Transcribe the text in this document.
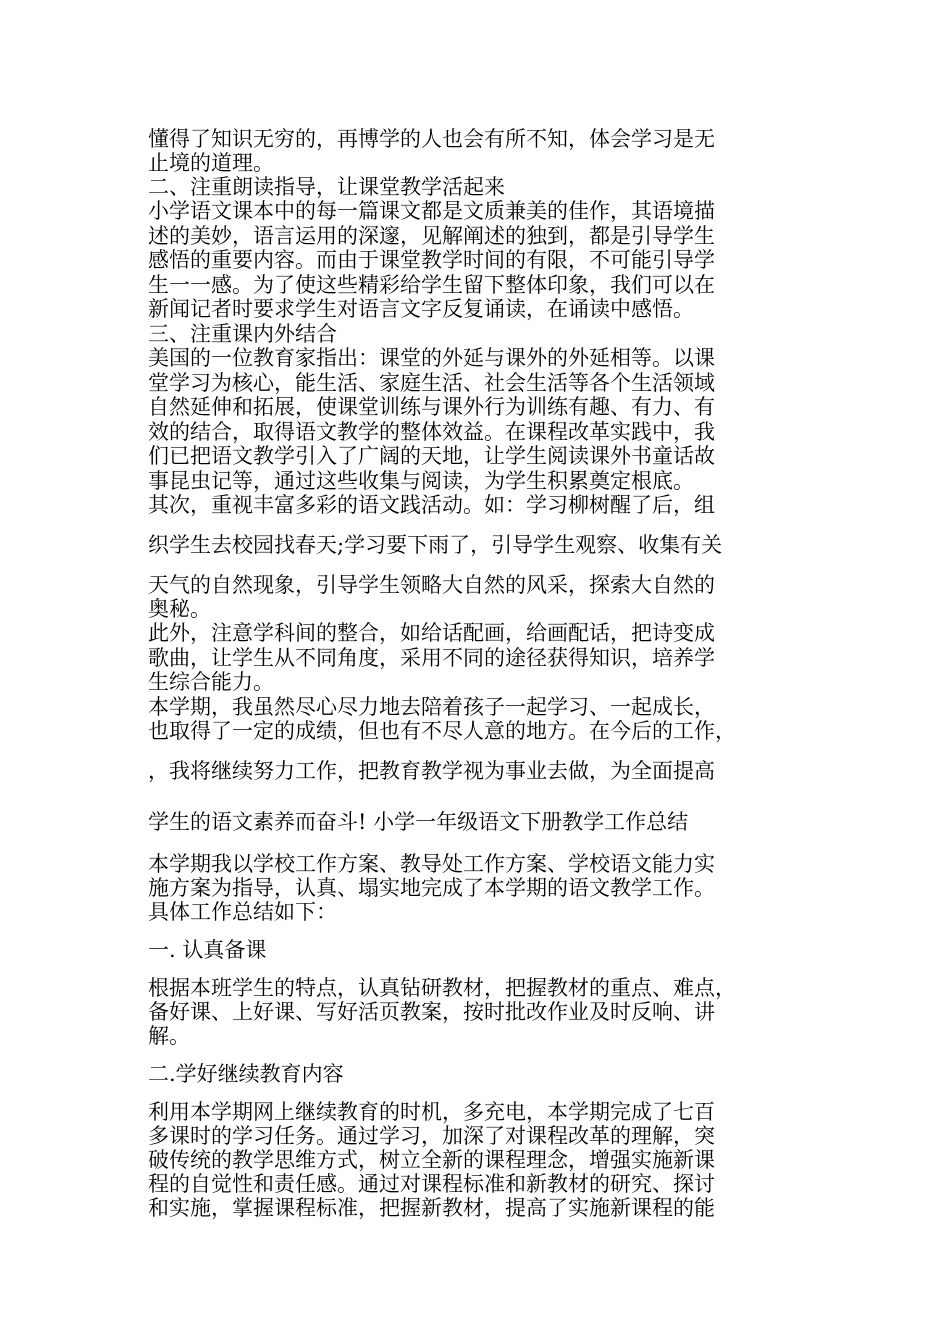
懂得了知识无穷的，再博学的人也会有所不知，体会学习是无

止境的道理。

二、注重朗读指导，让课堂教学活起来

小学语文课本中的每一篇课文都是文质兼美的佳作，其语境描

述的美妙，语言运用的深邃，见解阐述的独到，都是引导学生

感悟的重要内容。而由于课堂教学时间的有限，不可能引导学

生一一感。为了使这些精彩给学生留下整体印象，我们可以在

新闻记者时要求学生对语言文字反复诵读，在诵读中感悟。

三、注重课内外结合

美国的一位教育家指出：课堂的外延与课外的外延相等。以课

堂学习为核心，能生活、家庭生活、社会生活等各个生活领域

自然延伸和拓展，使课堂训练与课外行为训练有趣、有力、有

效的结合，取得语文教学的整体效益。在课程改革实践中，我

们已把语文教学引入了广阔的天地，让学生阅读课外书童话故

事昆虫记等，通过这些收集与阅读，为学生积累奠定根底。

其次，重视丰富多彩的语文践活动。如：学习柳树醒了后，组

织学生去校园找春天;学习要下雨了，引导学生观察、收集有关

天气的自然现象，引导学生领略大自然的风采，探索大自然的

奥秘。

此外，注意学科间的整合，如给话配画，给画配话，把诗变成

歌曲，让学生从不同角度，采用不同的途径获得知识，培养学

生综合能力。

本学期，我虽然尽心尽力地去陪着孩子一起学习、一起成长，

也取得了一定的成绩，但也有不尽人意的地方。在今后的工作，

，我将继续努力工作，把教育教学视为事业去做，为全面提高

学生的语文素养而奋斗! 小学一年级语文下册教学工作总结

本学期我以学校工作方案、教导处工作方案、学校语文能力实

施方案为指导，认真、塌实地完成了本学期的语文教学工作。

具体工作总结如下：

一. 认真备课

根据本班学生的特点，认真钻研教材，把握教材的重点、难点，

备好课、上好课、写好活页教案，按时批改作业及时反响、讲

解。

二.学好继续教育内容

利用本学期网上继续教育的时机，多充电，本学期完成了七百

多课时的学习任务。通过学习，加深了对课程改革的理解，突

破传统的教学思维方式，树立全新的课程理念，增强实施新课

程的自觉性和责任感。通过对课程标准和新教材的研究、探讨

和实施，掌握课程标准，把握新教材，提高了实施新课程的能
